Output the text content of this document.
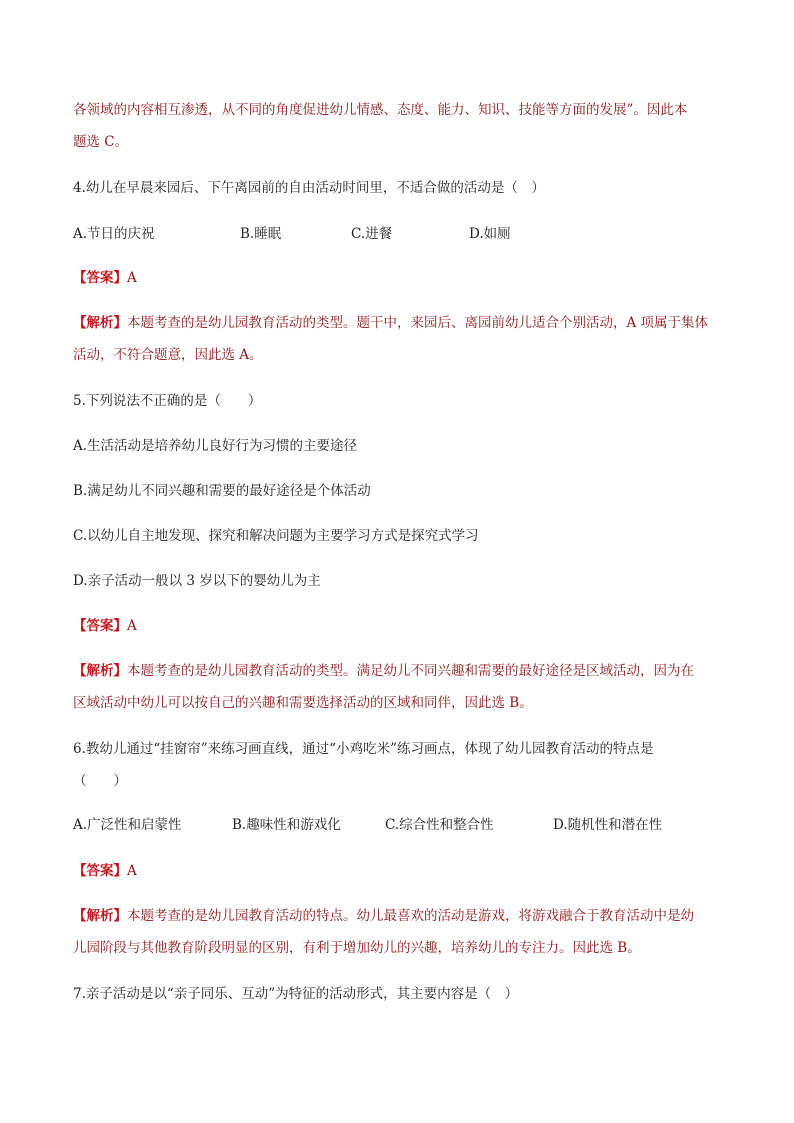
各领域的内容相互渗透，从不同的角度促进幼儿情感、态度、能力、知识、技能等方面的发展”。因此本
题选 C。
4.幼儿在早晨来园后、下午离园前的自由活动时间里，不适合做的活动是（　）
A.节日的庆祝	B.睡眠	C.进餐	D.如厕
【答案】A
【解析】本题考查的是幼儿园教育活动的类型。题干中，来园后、离园前幼儿适合个别活动，A 项属于集体
活动，不符合题意，因此选 A。
5.下列说法不正确的是（　　）
A.生活活动是培养幼儿良好行为习惯的主要途径
B.满足幼儿不同兴趣和需要的最好途径是个体活动
C.以幼儿自主地发现、探究和解决问题为主要学习方式是探究式学习
D.亲子活动一般以 3 岁以下的婴幼儿为主
【答案】A
【解析】本题考查的是幼儿园教育活动的类型。满足幼儿不同兴趣和需要的最好途径是区域活动，因为在
区域活动中幼儿可以按自己的兴趣和需要选择活动的区域和同伴，因此选 B。
6.教幼儿通过“挂窗帘”来练习画直线，通过“小鸡吃米”练习画点，体现了幼儿园教育活动的特点是
（　　）
A.广泛性和启蒙性	B.趣味性和游戏化	C.综合性和整合性	D.随机性和潜在性
【答案】A
【解析】本题考查的是幼儿园教育活动的特点。幼儿最喜欢的活动是游戏，将游戏融合于教育活动中是幼
儿园阶段与其他教育阶段明显的区别，有利于增加幼儿的兴趣，培养幼儿的专注力。因此选 B。
7.亲子活动是以“亲子同乐、互动”为特征的活动形式，其主要内容是（　）
